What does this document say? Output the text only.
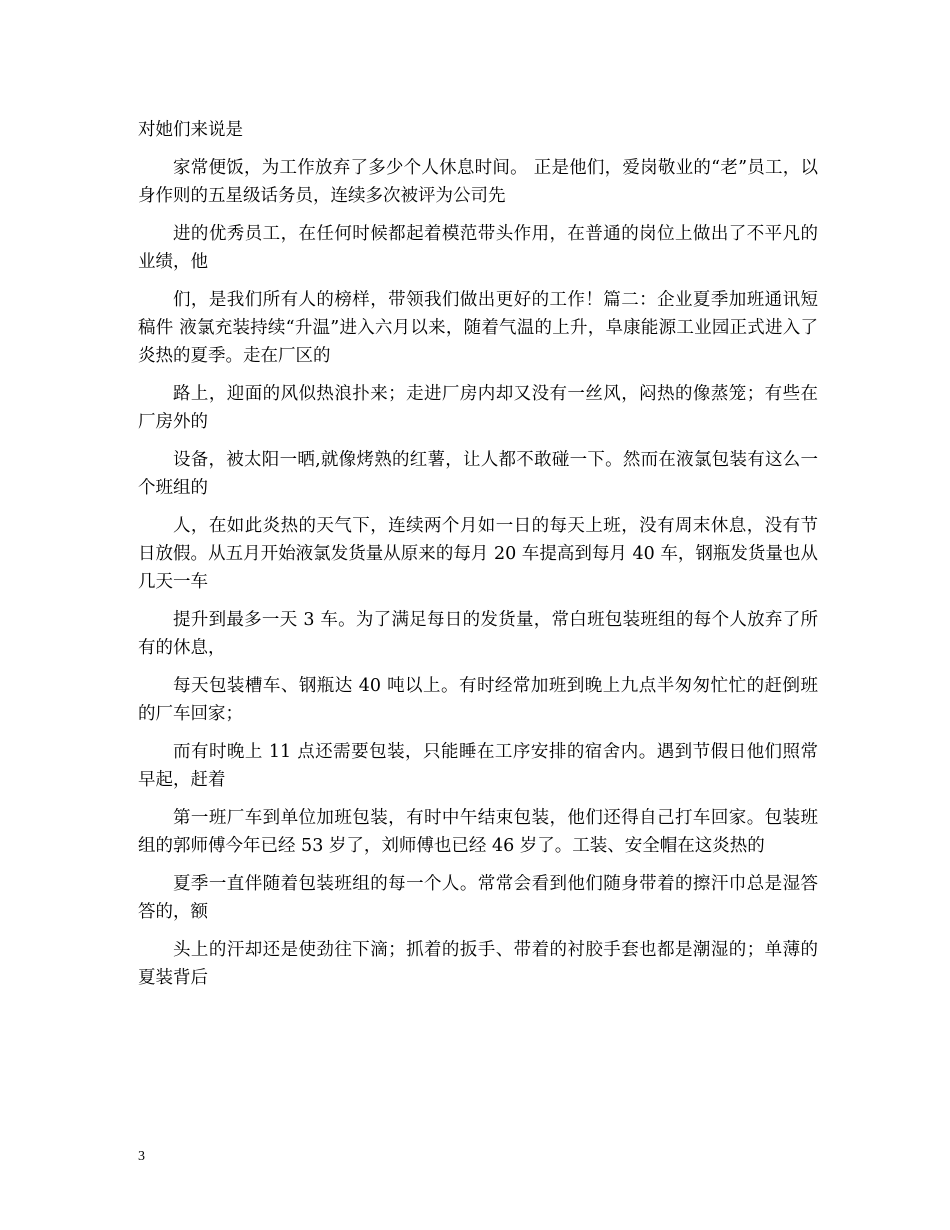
对她们来说是

家常便饭，为工作放弃了多少个人休息时间。 正是他们，爱岗敬业的“老”员工，以身作则的五星级话务员，连续多次被评为公司先

进的优秀员工，在任何时候都起着模范带头作用，在普通的岗位上做出了不平凡的业绩，他

们，是我们所有人的榜样，带领我们做出更好的工作！篇二：企业夏季加班通讯短稿件 液氯充装持续“升温”进入六月以来，随着气温的上升，阜康能源工业园正式进入了炎热的夏季。走在厂区的

路上，迎面的风似热浪扑来；走进厂房内却又没有一丝风，闷热的像蒸笼；有些在厂房外的

设备，被太阳一晒,就像烤熟的红薯，让人都不敢碰一下。然而在液氯包装有这么一个班组的

人，在如此炎热的天气下，连续两个月如一日的每天上班，没有周末休息，没有节日放假。从五月开始液氯发货量从原来的每月 20 车提高到每月 40 车，钢瓶发货量也从几天一车

提升到最多一天 3 车。为了满足每日的发货量，常白班包装班组的每个人放弃了所有的休息，

每天包装槽车、钢瓶达 40 吨以上。有时经常加班到晚上九点半匆匆忙忙的赶倒班的厂车回家；

而有时晚上 11 点还需要包装，只能睡在工序安排的宿舍内。遇到节假日他们照常早起，赶着

第一班厂车到单位加班包装，有时中午结束包装，他们还得自己打车回家。包装班组的郭师傅今年已经 53 岁了，刘师傅也已经 46 岁了。工装、安全帽在这炎热的

夏季一直伴随着包装班组的每一个人。常常会看到他们随身带着的擦汗巾总是湿答答的，额

头上的汗却还是使劲往下滴；抓着的扳手、带着的衬胶手套也都是潮湿的；单薄的夏装背后

3
